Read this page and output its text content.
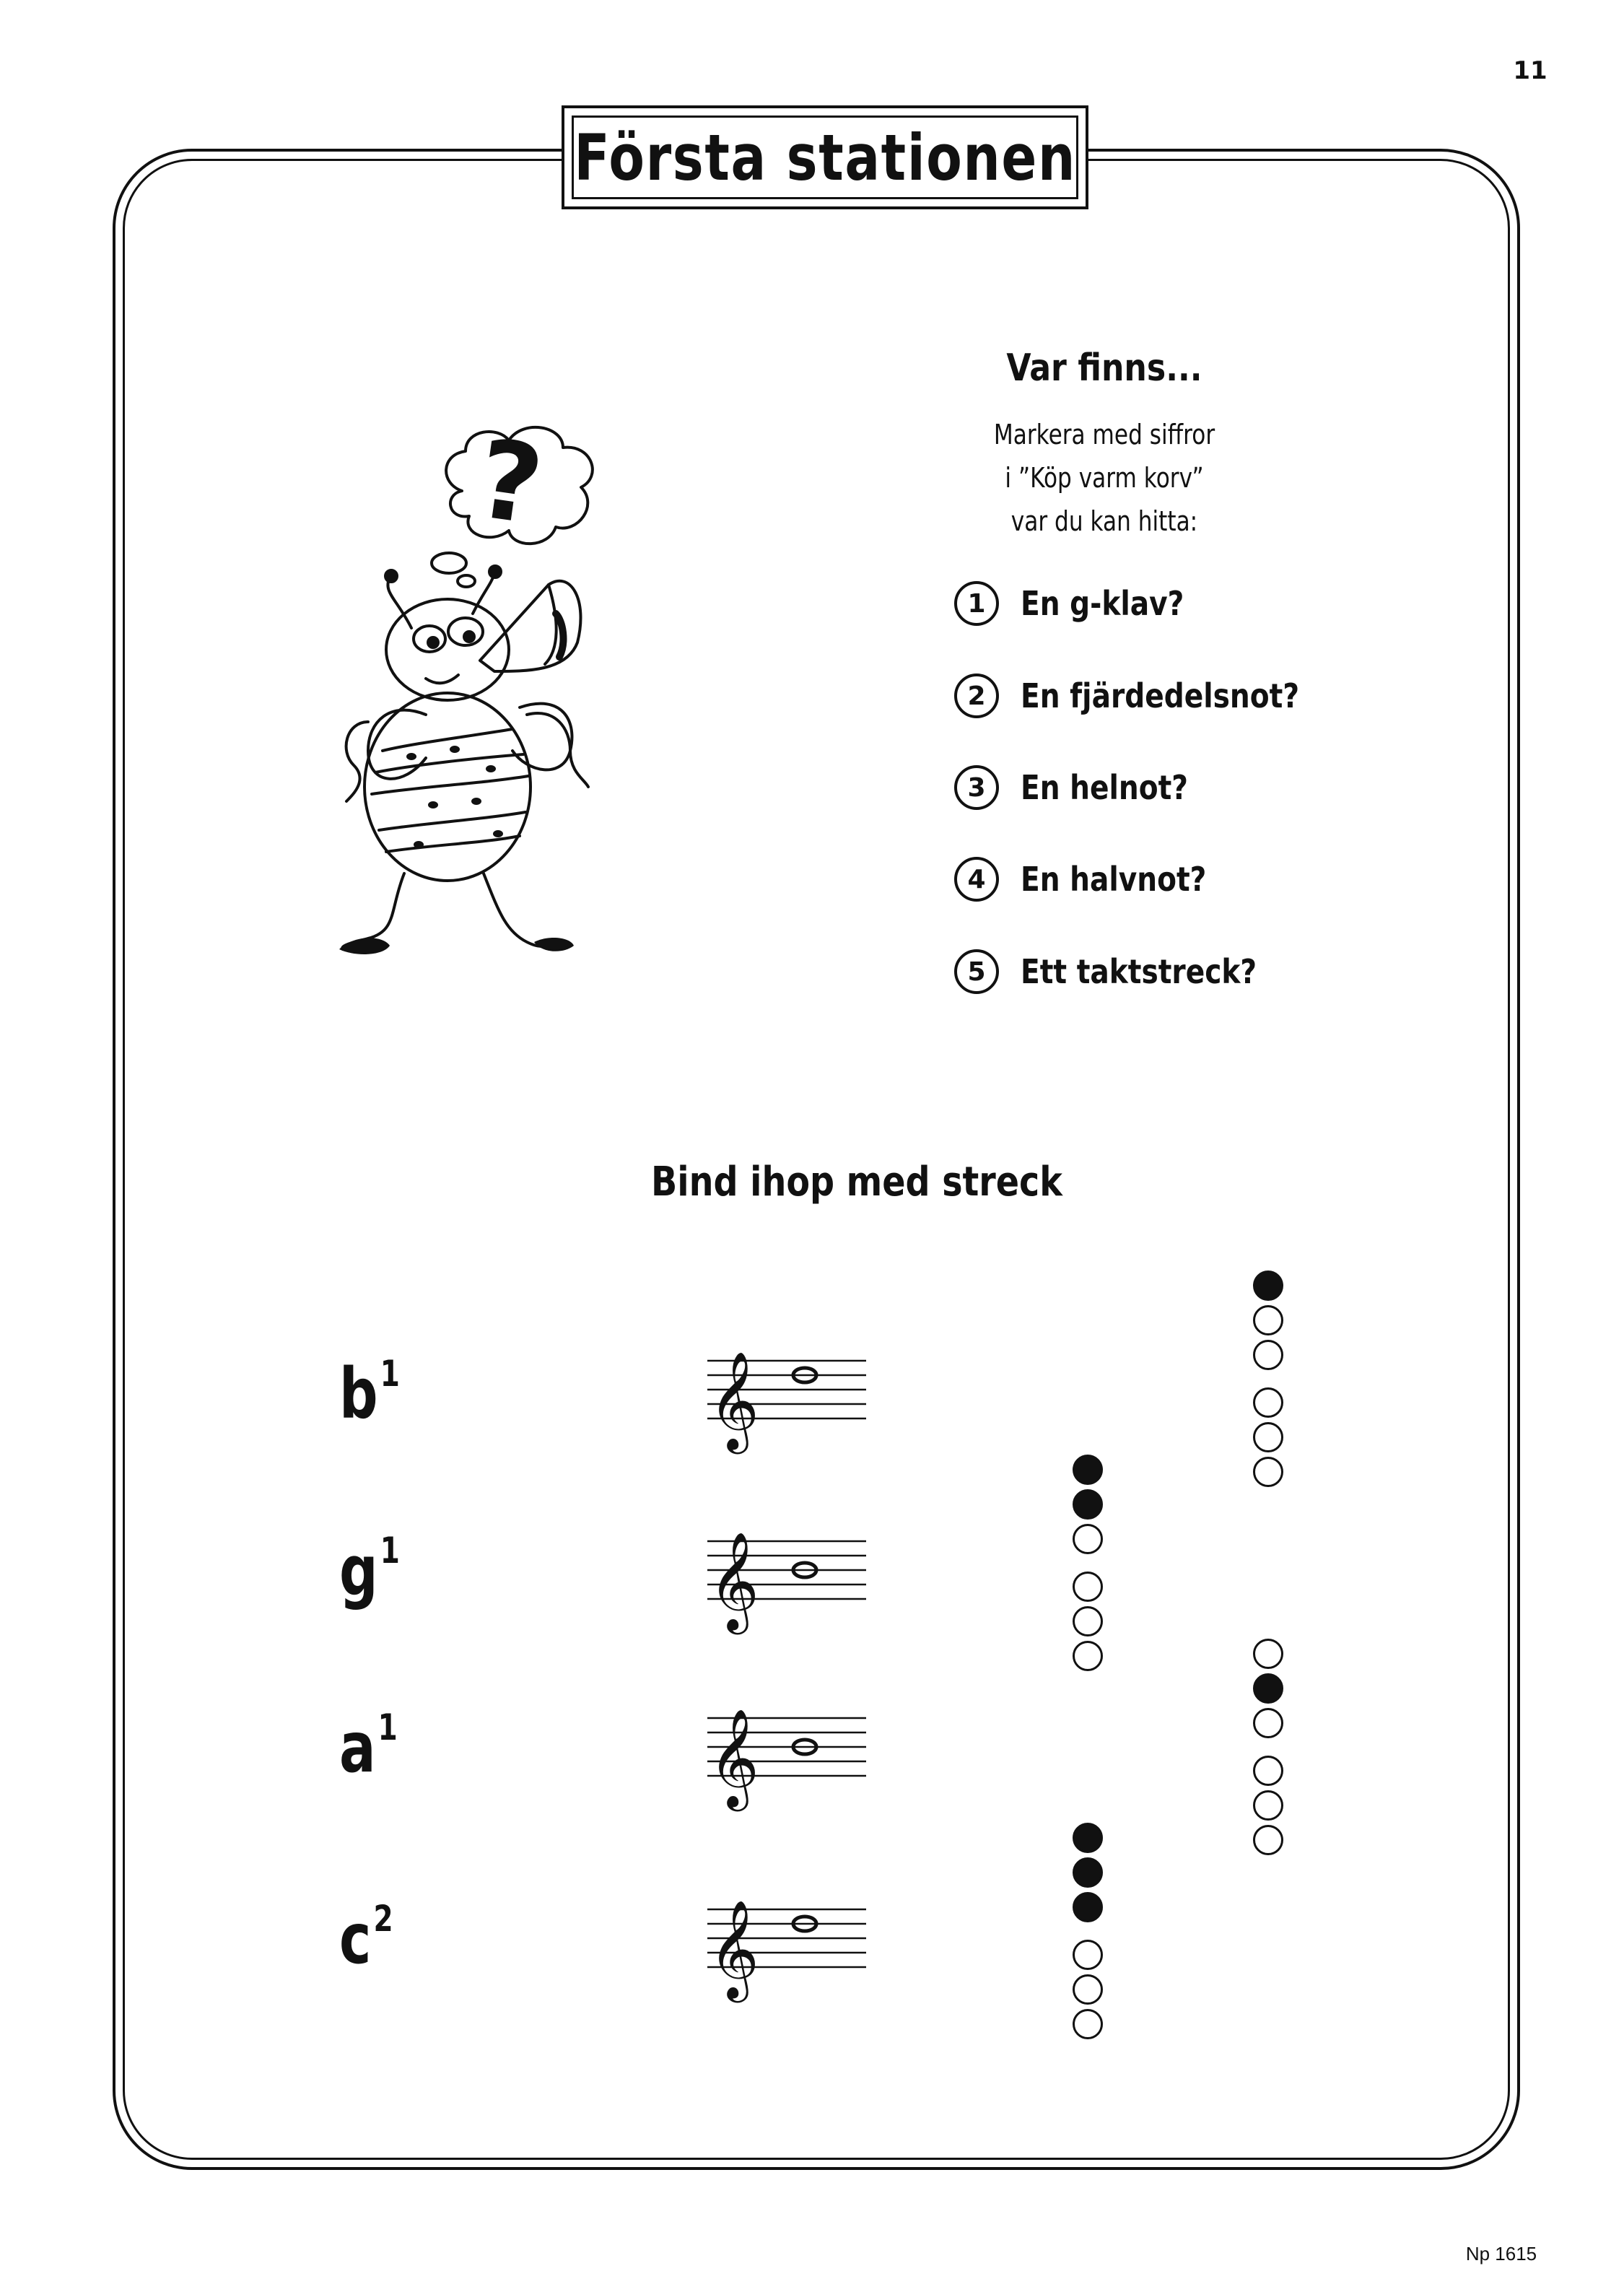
11
Första stationen
?
Var finns...
Markera med siffror
i ”Köp varm korv”
var du kan hitta:
1	En g-klav?
2	En fjärdedelsnot?
3	En helnot?
4	En halvnot?
5	Ett taktstreck?
Bind ihop med streck
$b^1$
$g^1$
$a^1$
$c^2$
𝄞
𝄞
𝄞
𝄞
Np 1615
